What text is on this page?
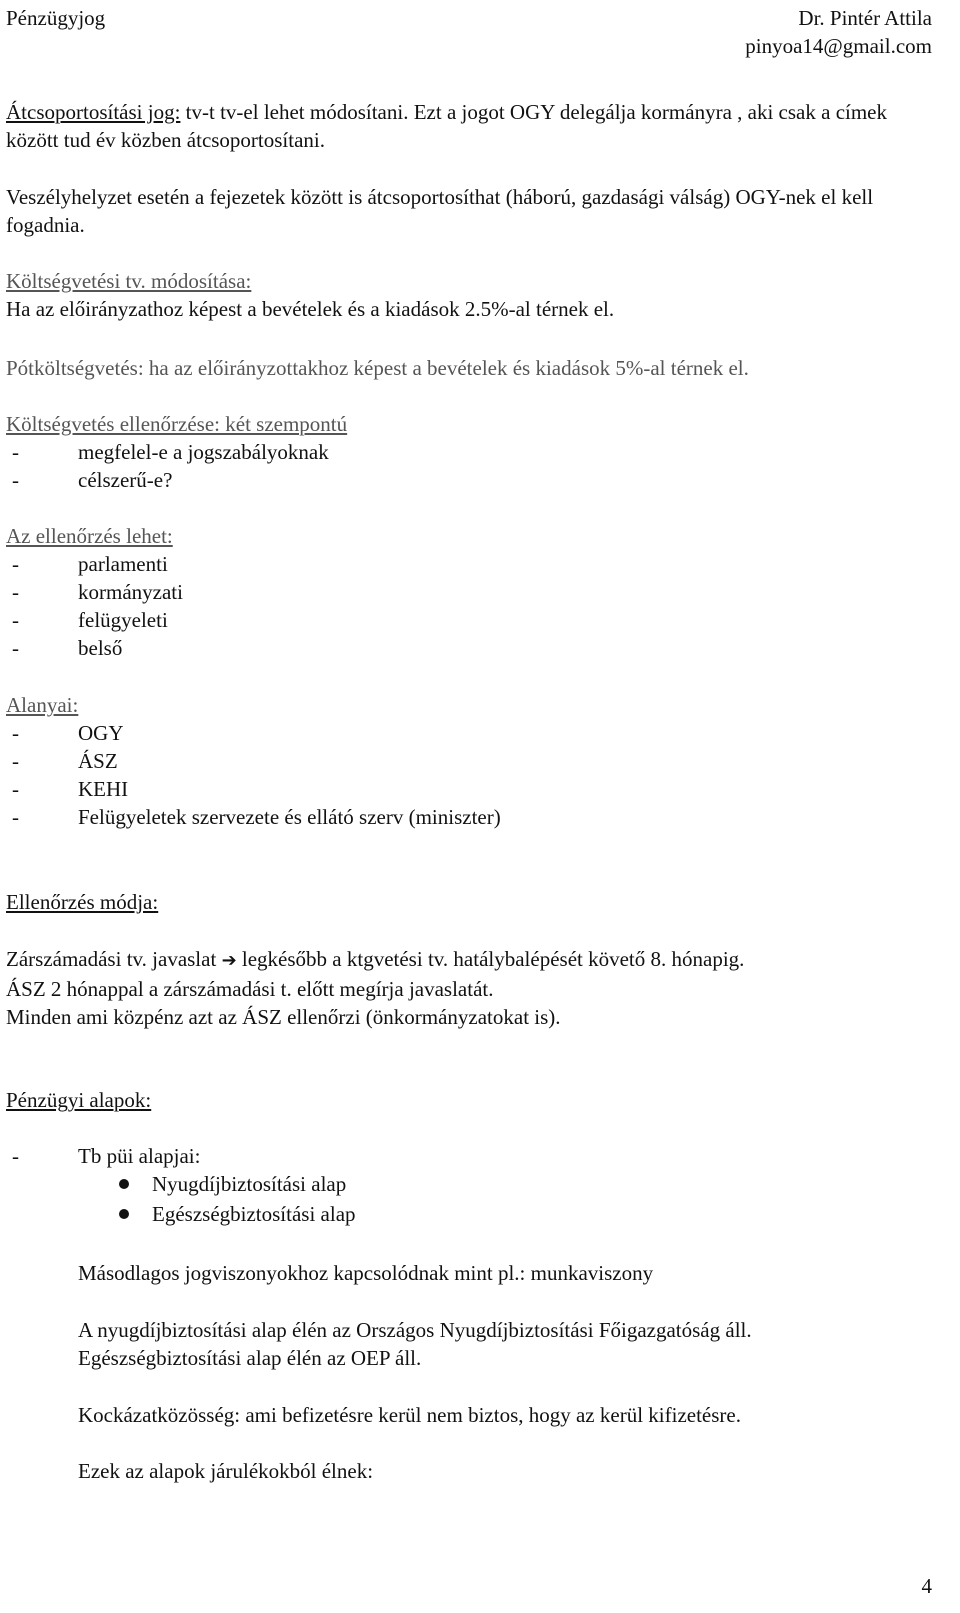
Pénzügyjog	Dr. Pintér Attila
pinyoa14@gmail.com
Átcsoportosítási jog: tv-t tv-el lehet módosítani. Ezt a jogot OGY delegálja kormányra , aki csak a címek között tud év közben átcsoportosítani.
Veszélyhelyzet esetén a fejezetek között is átcsoportosíthat (háború, gazdasági válság) OGY-nek el kell fogadnia.
Költségvetési tv. módosítása:
Ha az előirányzathoz képest a bevételek és a kiadások 2.5%-al térnek el.
Pótköltségvetés: ha az előirányzottakhoz képest a bevételek és kiadások 5%-al térnek el.
Költségvetés ellenőrzése: két szempontú
- megfelel-e a jogszabályoknak
- célszerű-e?
Az ellenőrzés lehet:
- parlamenti
- kormányzati
- felügyeleti
- belső
Alanyai:
- OGY
- ÁSZ
- KEHI
- Felügyeletek szervezete és ellátó szerv (miniszter)
Ellenőrzés módja:
Zárszámadási tv. javaslat ➔ legkésőbb a ktgvetési tv. hatálybalépését követő 8. hónapig.
ÁSZ 2 hónappal a zárszámadási t. előtt megírja javaslatát.
Minden ami közpénz azt az ÁSZ ellenőrzi (önkormányzatokat is).
Pénzügyi alapok:
- Tb püi alapjai:
Nyugdíjbiztosítási alap
Egészségbiztosítási alap
Másodlagos jogviszonyokhoz kapcsolódnak mint pl.: munkaviszony
A nyugdíjbiztosítási alap élén az Országos Nyugdíjbiztosítási Főigazgatóság áll.
Egészségbiztosítási alap élén az OEP áll.
Kockázatközösség: ami befizetésre kerül nem biztos, hogy az kerül kifizetésre.
Ezek az alapok járulékokból élnek:
4
